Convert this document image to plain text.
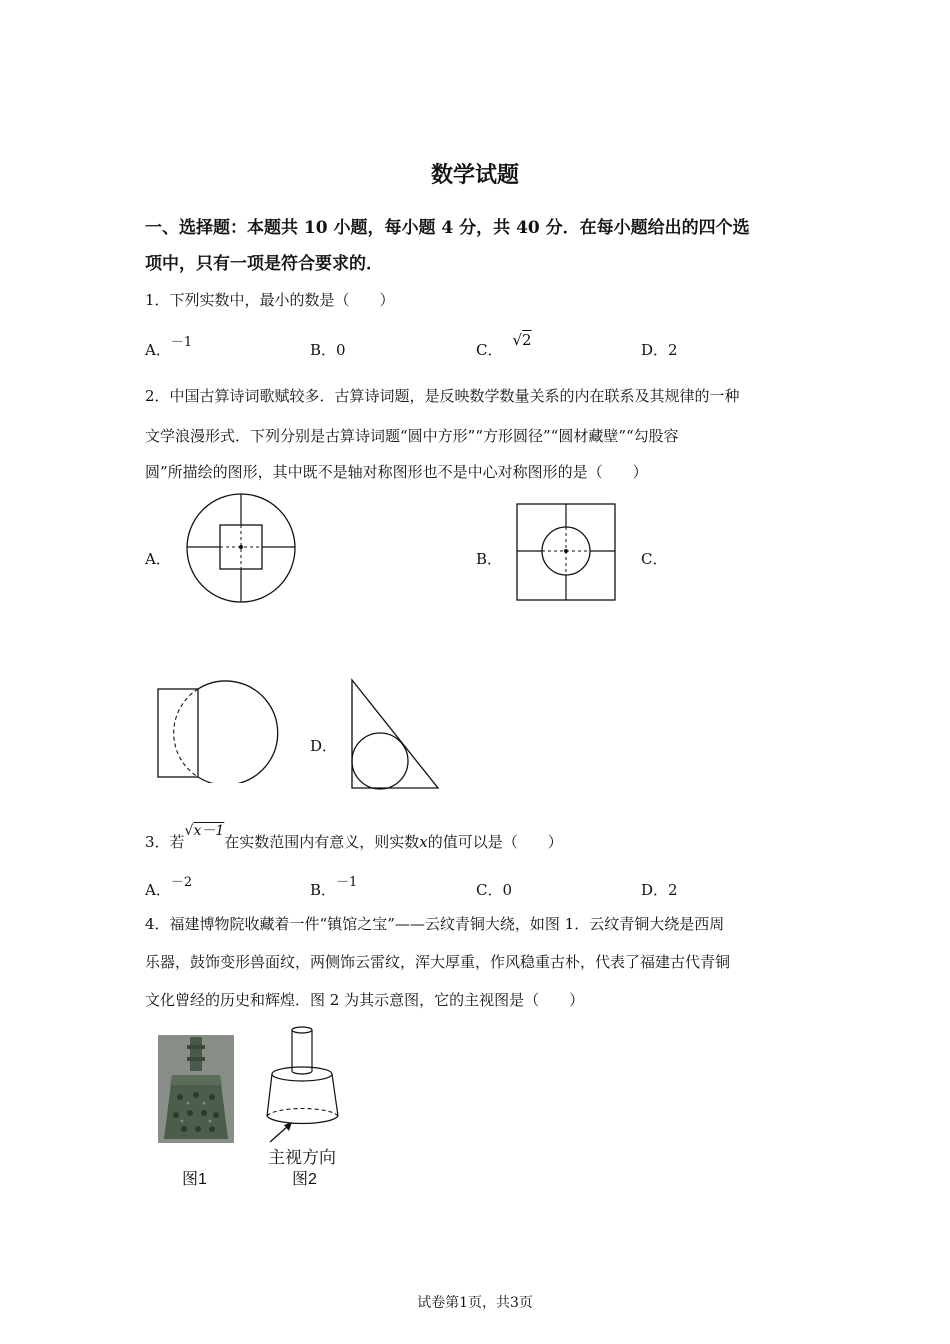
数学试题
一、选择题：本题共 10 小题，每小题 4 分，共 40 分．在每小题给出的四个选
项中，只有一项是符合要求的．
1．下列实数中，最小的数是（　　）
A．－1	B．0	C．√2
D．2
2．中国古算诗词歌赋较多．古算诗词题，是反映数学数量关系的内在联系及其规律的一种
文学浪漫形式．下列分别是古算诗词题“圆中方形”“方形圆径”“圆材藏壁”“勾股容
圆”所描绘的图形，其中既不是轴对称图形也不是中心对称图形的是（　　）
A．	B．	C．
D．
3．若√x－1在实数范围内有意义，则实数x的值可以是（　　）
A．－2	B．－1	C．0	D．2
4．福建博物院收藏着一件“镇馆之宝”——云纹青铜大绕，如图 1．云纹青铜大绕是西周
乐器，鼓饰变形兽面纹，两侧饰云雷纹，浑大厚重，作风稳重古朴，代表了福建古代青铜
文化曾经的历史和辉煌．图 2 为其示意图，它的主视图是（　　）
图1
主视方向
图2
试卷第1页，共3页
